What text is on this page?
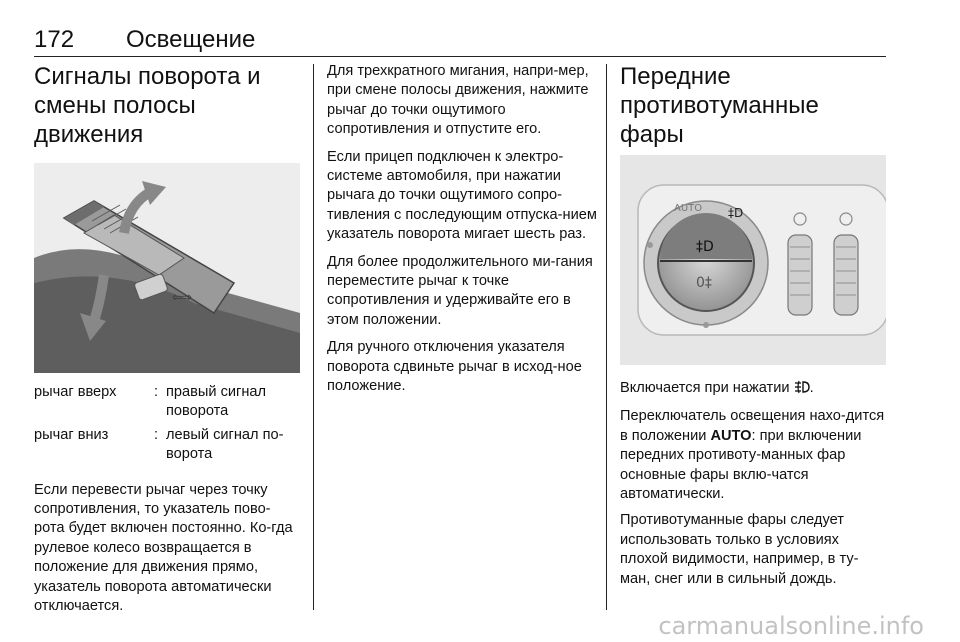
172 Освещение
Сигналы поворота и смены полосы движения
⇦⇨
рычаг вверх	:	правый сигнал поворота
рычаг вниз	:	левый сигнал по-ворота

Если перевести рычаг через точку сопротивления, то указатель пово-рота будет включен постоянно. Ко-гда рулевое колесо возвращается в положение для движения прямо, указатель поворота автоматически отключается.

Для трехкратного мигания, напри-мер, при смене полосы движения, нажмите рычаг до точки ощутимого сопротивления и отпустите его.

Если прицеп подключен к электро-системе автомобиля, при нажатии рычага до точки ощутимого сопро-тивления с последующим отпуска-нием указатель поворота мигает шесть раз.

Для более продолжительного ми-гания переместите рычаг к точке сопротивления и удерживайте его в этом положении.

Для ручного отключения указателя поворота сдвиньте рычаг в исход-ное положение.

Передние противотуманные фары
‡D
0‡
AUTO ‡D

Включается при нажатии .

Переключатель освещения нахо-дится в положении AUTO: при включении передних противоту-манных фар основные фары вклю-чатся автоматически.

Противотуманные фары следует использовать только в условиях плохой видимости, например, в ту-ман, снег или в сильный дождь.

carmanualsonline.info
